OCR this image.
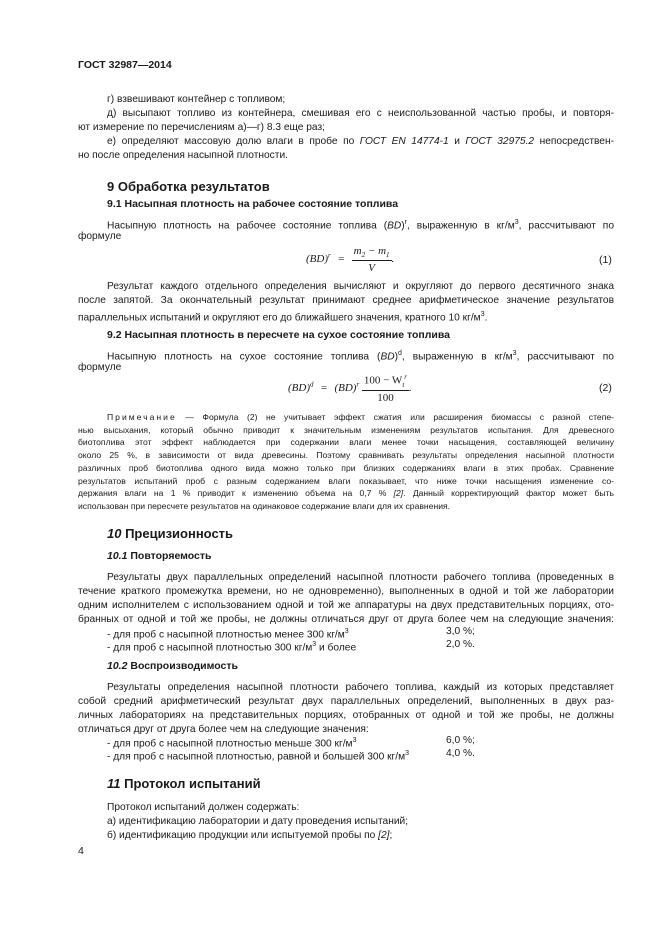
ГОСТ 32987—2014
г) взвешивают контейнер с топливом;
д) высыпают топливо из контейнера, смешивая его с неиспользованной частью пробы, и повторя-
ют измерение по перечислениям а)—г) 8.3 еще раз;
е) определяют массовую долю влаги в пробе по ГОСТ EN 14774-1 и ГОСТ 32975.2 непосредствен-
но после определения насыпной плотности.
9 Обработка результатов
9.1 Насыпная плотность на рабочее состояние топлива
Насыпную плотность на рабочее состояние топлива (BD)$^r$, выраженную в $кг/м^3$, рассчитывают по
формуле
$(BD)^r = \frac{m_2 - m_1}{V}$ .	(1)
Результат каждого отдельного определения вычисляют и округляют до первого десятичного знака
после запятой. За окончательный результат принимают среднее арифметическое значение результатов
параллельных испытаний и округляют его до ближайшего значения, кратного 10 $кг/м^3$.
9.2 Насыпная плотность в пересчете на сухое состояние топлива
Насыпную плотность на сухое состояние топлива (BD)$^d$, выраженную в $кг/м^3$, рассчитывают по
формуле
$(BD)^d = (BD)^r \frac{100 - W_t^r}{100}$ .	(2)
Примечание — Формула (2) не учитывает эффект сжатия или расширения биомассы с разной степе-
нью высыхания, который обычно приводит к значительным изменениям результатов испытания. Для древесного
биотоплива этот эффект наблюдается при содержании влаги менее точки насыщения, составляющей величину
около 25 %, в зависимости от вида древесины. Поэтому сравнивать результаты определения насыпной плотности
различных проб биотоплива одного вида можно только при близких содержаниях влаги в этих пробах. Сравнение
результатов испытаний проб с разным содержанием влаги показывает, что ниже точки насыщения изменение со-
держания влаги на 1 % приводит к изменению объема на 0,7 % [2]. Данный корректирующий фактор может быть
использован при пересчете результатов на одинаковое содержание влаги для их сравнения.
10 Прецизионность
10.1 Повторяемость
Результаты двух параллельных определений насыпной плотности рабочего топлива (проведенных в
течение краткого промежутка времени, но не одновременно), выполненных в одной и той же лаборатории
одним исполнителем с использованием одной и той же аппаратуры на двух представительных порциях, ото-
бранных от одной и той же пробы, не должны отличаться друг от друга более чем на следующие значения:
- для проб с насыпной плотностью менее 300 $кг/м^3$	3,0 %;
- для проб с насыпной плотностью 300 $кг/м^3$ и более	2,0 %.
10.2 Воспроизводимость
Результаты определения насыпной плотности рабочего топлива, каждый из которых представляет
собой средний арифметический результат двух параллельных определений, выполненных в двух раз-
личных лабораториях на представительных порциях, отобранных от одной и той же пробы, не должны
отличаться друг от друга более чем на следующие значения:
- для проб с насыпной плотностью меньше 300 $кг/м^3$	6,0 %;
- для проб с насыпной плотностью, равной и большей 300 $кг/м^3$	4,0 %.
11 Протокол испытаний
Протокол испытаний должен содержать:
а) идентификацию лаборатории и дату проведения испытаний;
б) идентификацию продукции или испытуемой пробы по [2];
4
